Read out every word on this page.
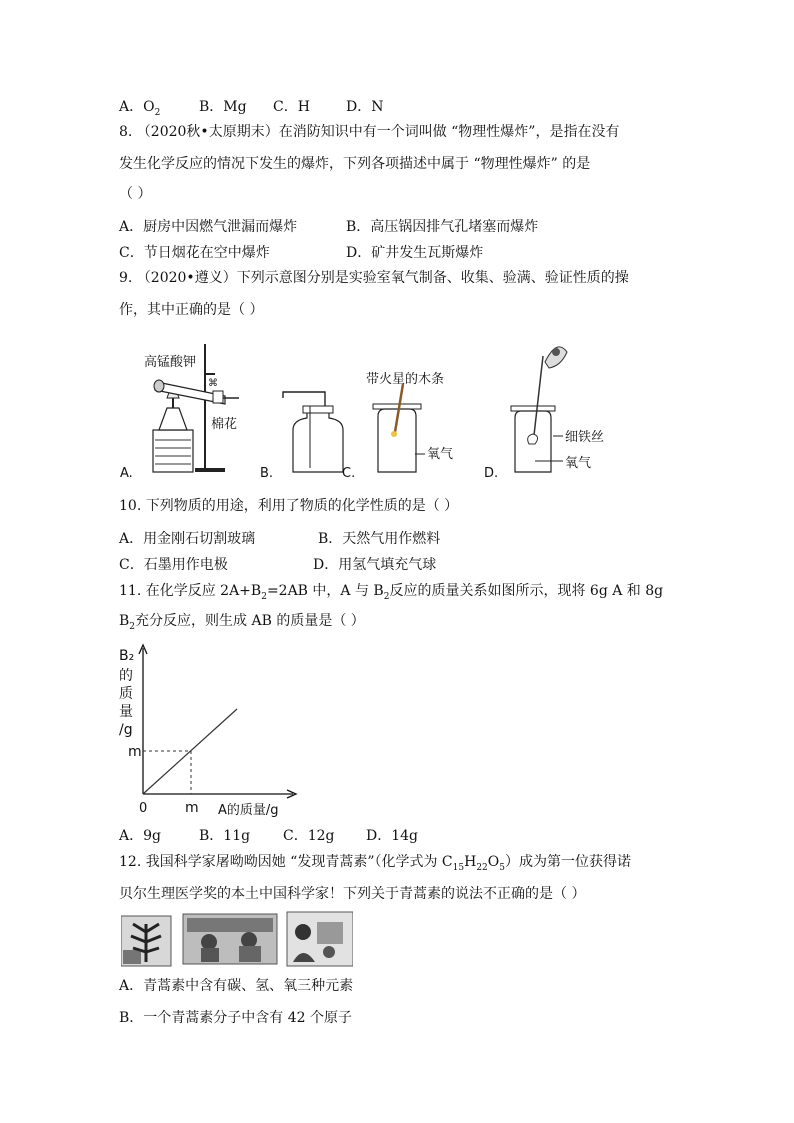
A．$O_2$	B．Mg C．H	D．N
8. （2020秋•太原期末）在消防知识中有一个词叫做 “物理性爆炸”，是指在没有
发生化学反应的情况下发生的爆炸，下列各项描述中属于 “物理性爆炸” 的是
（ ）
A．厨房中因燃气泄漏而爆炸	B．高压锅因排气孔堵塞而爆炸
C．节日烟花在空中爆炸	D．矿井发生瓦斯爆炸
9. （2020•遵义）下列示意图分别是实验室氧气制备、收集、验满、验证性质的操
作，其中正确的是（ ）
⌘
高锰酸钾
棉花
A.	B.
带火星的木条
氧气
C.
细铁丝
氧气
D.
10. 下列物质的用途，利用了物质的化学性质的是（ ）
A．用金刚石切割玻璃	B．天然气用作燃料
C．石墨用作电极	D．用氢气填充气球
11. 在化学反应 $2A+B_2=2AB$ 中，A 与 $B_2$反应的质量关系如图所示，现将 6g A 和 8g
$B_2$充分反应，则生成 AB 的质量是（ ）
B₂
的
质
量
/g
m
0	m A的质量/g
A．9g	B．11g C．12g D．14g
12. 我国科学家屠呦呦因她 “发现青蒿素”（化学式为 $C_{15}H_{22}O_5$）成为第一位获得诺
贝尔生理医学奖的本土中国科学家！下列关于青蒿素的说法不正确的是（ ）
A．青蒿素中含有碳、氢、氧三种元素
B．一个青蒿素分子中含有 42 个原子
